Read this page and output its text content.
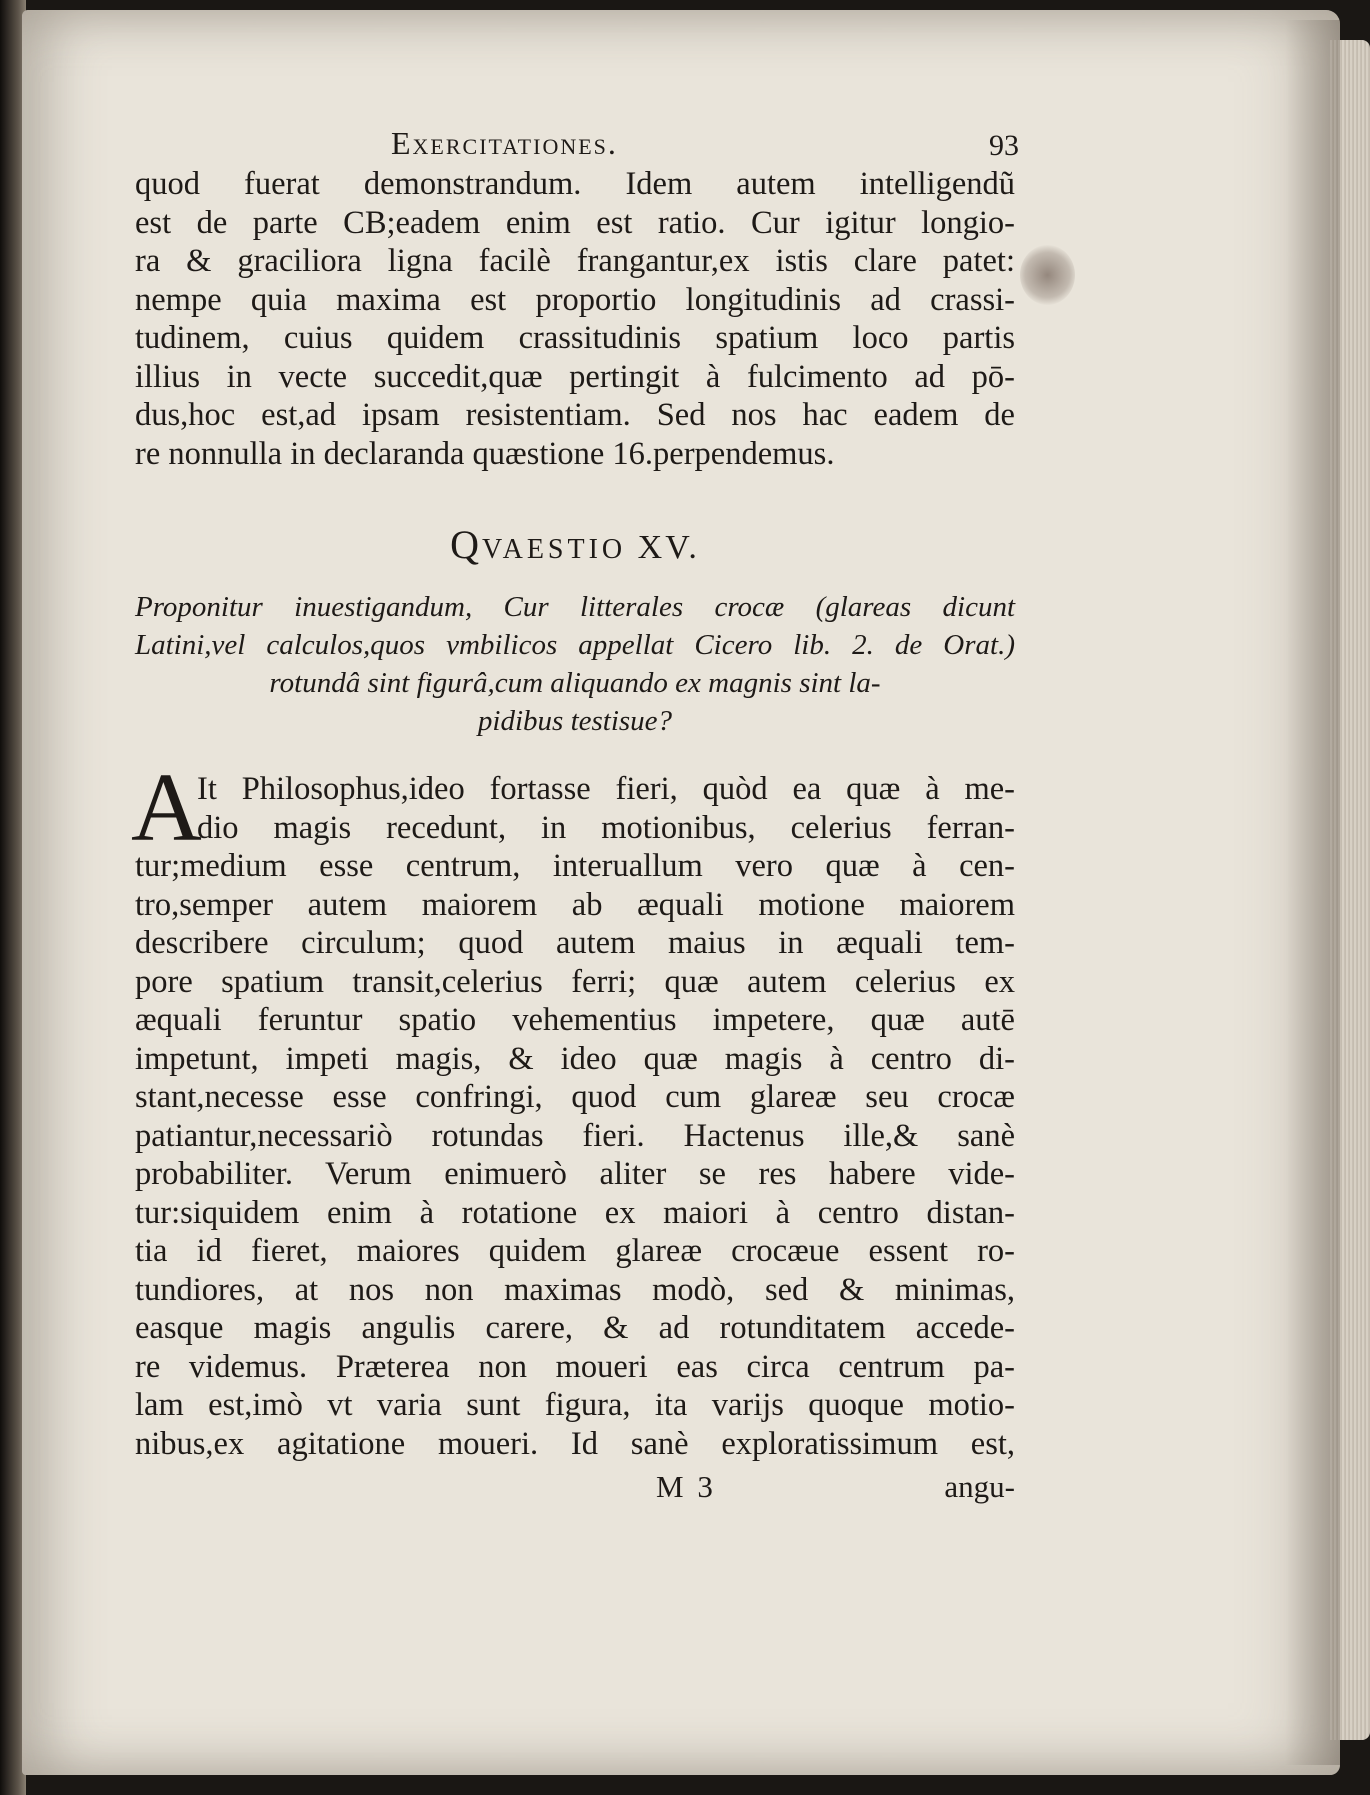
Exercitationes.	93
quod fuerat demonstrandum. Idem autem intelligendũ
est de parte CB;eadem enim est ratio. Cur igitur longio-
ra & graciliora ligna facilè frangantur,ex istis clare patet:
nempe quia maxima est proportio longitudinis ad crassi-
tudinem, cuius quidem crassitudinis spatium loco partis
illius in vecte succedit,quæ pertingit à fulcimento ad pō-
dus,hoc est,ad ipsam resistentiam. Sed nos hac eadem de
re nonnulla in declaranda quæstione 16.perpendemus.
QVAESTIO XV.
Proponitur inuestigandum, Cur litterales crocæ (glareas dicunt
Latini,vel calculos,quos vmbilicos appellat Cicero lib. 2. de Orat.)
rotundâ sint figurâ,cum aliquando ex magnis sint la-
pidibus testisue?
A
It Philosophus,ideo fortasse fieri, quòd ea quæ à me-
dio magis recedunt, in motionibus, celerius ferran-
tur;medium esse centrum, interuallum vero quæ à cen-
tro,semper autem maiorem ab æquali motione maiorem
describere circulum; quod autem maius in æquali tem-
pore spatium transit,celerius ferri; quæ autem celerius ex
æquali feruntur spatio vehementius impetere, quæ autē
impetunt, impeti magis, & ideo quæ magis à centro di-
stant,necesse esse confringi, quod cum glareæ seu crocæ
patiantur,necessariò rotundas fieri. Hactenus ille,& sanè
probabiliter. Verum enimuerò aliter se res habere vide-
tur:siquidem enim à rotatione ex maiori à centro distan-
tia id fieret, maiores quidem glareæ crocæue essent ro-
tundiores, at nos non maximas modò, sed & minimas,
easque magis angulis carere, & ad rotunditatem accede-
re videmus. Præterea non moueri eas circa centrum pa-
lam est,imò vt varia sunt figura, ita varijs quoque motio-
nibus,ex agitatione moueri. Id sanè exploratissimum est,
M 3	angu-
